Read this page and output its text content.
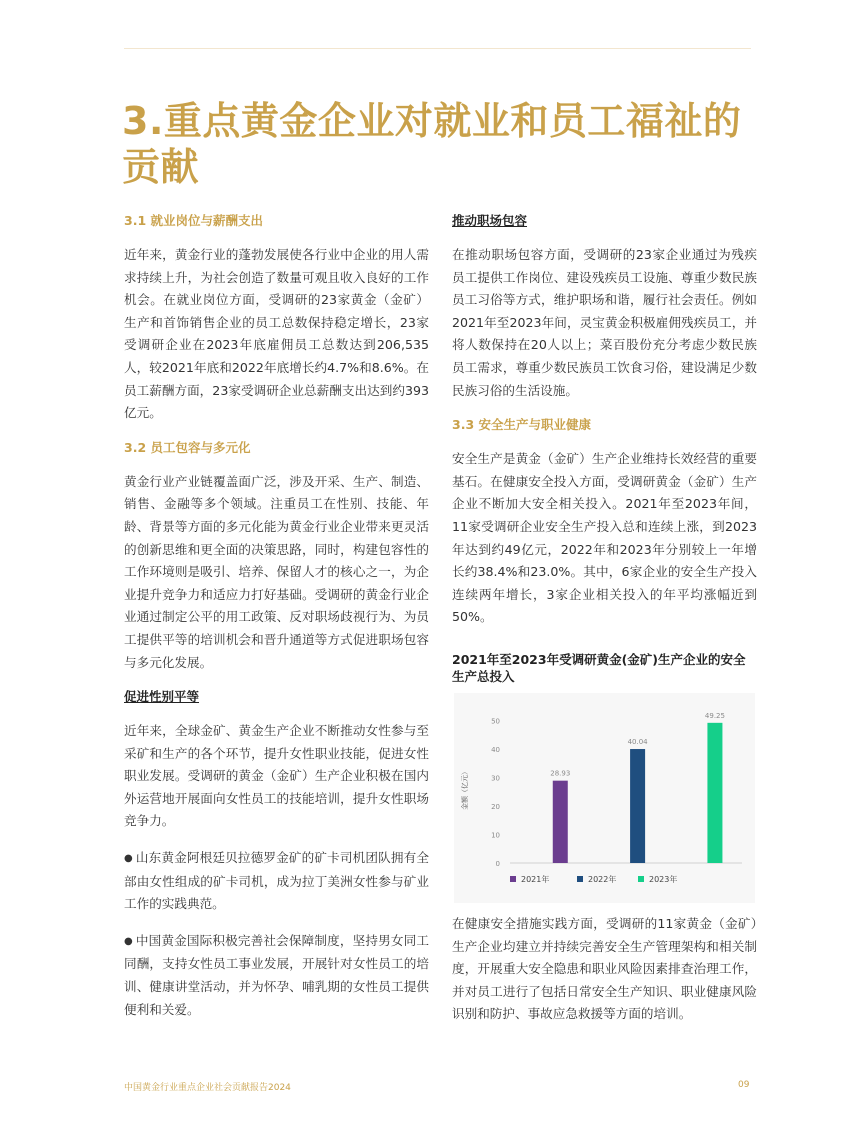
3.重点黄金企业对就业和员工福祉的贡献
3.1 就业岗位与薪酬支出

近年来，黄金行业的蓬勃发展使各行业中企业的用人需求持续上升，为社会创造了数量可观且收入良好的工作机会。在就业岗位方面，受调研的23家黄金（金矿）生产和首饰销售企业的员工总数保持稳定增长，23家受调研企业在2023年底雇佣员工总数达到206,535人，较2021年底和2022年底增长约4.7%和8.6%。在员工薪酬方面，23家受调研企业总薪酬支出达到约393亿元。

3.2 员工包容与多元化

黄金行业产业链覆盖面广泛，涉及开采、生产、制造、销售、金融等多个领域。注重员工在性别、技能、年龄、背景等方面的多元化能为黄金行业企业带来更灵活的创新思维和更全面的决策思路，同时，构建包容性的工作环境则是吸引、培养、保留人才的核心之一，为企业提升竞争力和适应力打好基础。受调研的黄金行业企业通过制定公平的用工政策、反对职场歧视行为、为员工提供平等的培训机会和晋升通道等方式促进职场包容与多元化发展。

促进性别平等

近年来，全球金矿、黄金生产企业不断推动女性参与至采矿和生产的各个环节，提升女性职业技能，促进女性职业发展。受调研的黄金（金矿）生产企业积极在国内外运营地开展面向女性员工的技能培训，提升女性职场竞争力。

● 山东黄金阿根廷贝拉德罗金矿的矿卡司机团队拥有全部由女性组成的矿卡司机，成为拉丁美洲女性参与矿业工作的实践典范。

● 中国黄金国际积极完善社会保障制度，坚持男女同工同酬，支持女性员工事业发展，开展针对女性员工的培训、健康讲堂活动，并为怀孕、哺乳期的女性员工提供便利和关爱。

推动职场包容

在推动职场包容方面，受调研的23家企业通过为残疾员工提供工作岗位、建设残疾员工设施、尊重少数民族员工习俗等方式，维护职场和谐，履行社会责任。例如2021年至2023年间，灵宝黄金积极雇佣残疾员工，并将人数保持在20人以上；菜百股份充分考虑少数民族员工需求，尊重少数民族员工饮食习俗，建设满足少数民族习俗的生活设施。

3.3 安全生产与职业健康

安全生产是黄金（金矿）生产企业维持长效经营的重要基石。在健康安全投入方面，受调研黄金（金矿）生产企业不断加大安全相关投入。2021年至2023年间，11家受调研企业安全生产投入总和连续上涨，到2023年达到约49亿元，2022年和2023年分别较上一年增长约38.4%和23.0%。其中，6家企业的安全生产投入连续两年增长，3家企业相关投入的年平均涨幅近到50%。

2021年至2023年受调研黄金(金矿)生产企业的安全生产总投入
0
10
20
30
40
50
金额（亿元）	28.93
40.04
49.25
2021年	2022年	2023年

在健康安全措施实践方面，受调研的11家黄金（金矿）生产企业均建立并持续完善安全生产管理架构和相关制度，开展重大安全隐患和职业风险因素排查治理工作，并对员工进行了包括日常安全生产知识、职业健康风险识别和防护、事故应急救援等方面的培训。

中国黄金行业重点企业社会贡献报告2024	09
